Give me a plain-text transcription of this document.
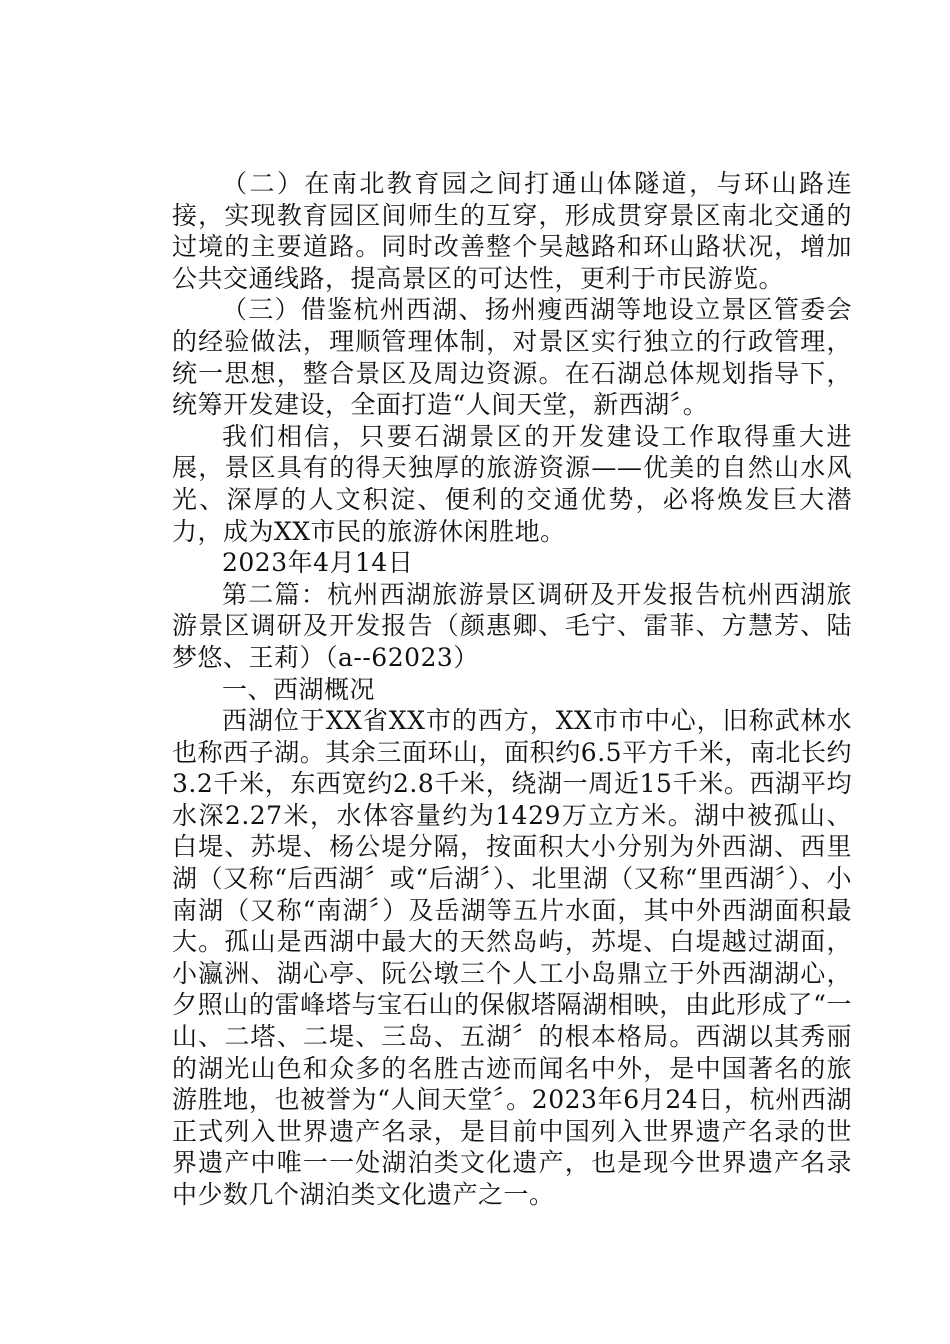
（二）在南北教育园之间打通山体隧道，与环山路连接，实现教育园区间师生的互穿，形成贯穿景区南北交通的过境的主要道路。同时改善整个吴越路和环山路状况，增加公共交通线路，提高景区的可达性，更利于市民游览。

（三）借鉴杭州西湖、扬州瘦西湖等地设立景区管委会的经验做法，理顺管理体制，对景区实行独立的行政管理，统一思想，整合景区及周边资源。在石湖总体规划指导下，统筹开发建设，全面打造“人间天堂，新西湖〞。

我们相信，只要石湖景区的开发建设工作取得重大进展，景区具有的得天独厚的旅游资源——优美的自然山水风光、深厚的人文积淀、便利的交通优势，必将焕发巨大潜力，成为XX市民的旅游休闲胜地。

2023年4月14日

第二篇：杭州西湖旅游景区调研及开发报告杭州西湖旅游景区调研及开发报告（颜惠卿、毛宁、雷菲、方慧芳、陆梦悠、王莉）（a--62023）

一、西湖概况

西湖位于XX省XX市的西方，XX市市中心，旧称武林水也称西子湖。其余三面环山，面积约6.5平方千米，南北长约3.2千米，东西宽约2.8千米，绕湖一周近15千米。西湖平均水深2.27米，水体容量约为1429万立方米。湖中被孤山、白堤、苏堤、杨公堤分隔，按面积大小分别为外西湖、西里湖（又称“后西湖〞或“后湖〞）、北里湖（又称“里西湖〞）、小南湖（又称“南湖〞）及岳湖等五片水面，其中外西湖面积最大。孤山是西湖中最大的天然岛屿，苏堤、白堤越过湖面，小瀛洲、湖心亭、阮公墩三个人工小岛鼎立于外西湖湖心，夕照山的雷峰塔与宝石山的保俶塔隔湖相映，由此形成了“一山、二塔、二堤、三岛、五湖〞的根本格局。西湖以其秀丽的湖光山色和众多的名胜古迹而闻名中外，是中国著名的旅游胜地，也被誉为“人间天堂〞。2023年6月24日，杭州西湖正式列入世界遗产名录，是目前中国列入世界遗产名录的世界遗产中唯一一处湖泊类文化遗产，也是现今世界遗产名录中少数几个湖泊类文化遗产之一。
